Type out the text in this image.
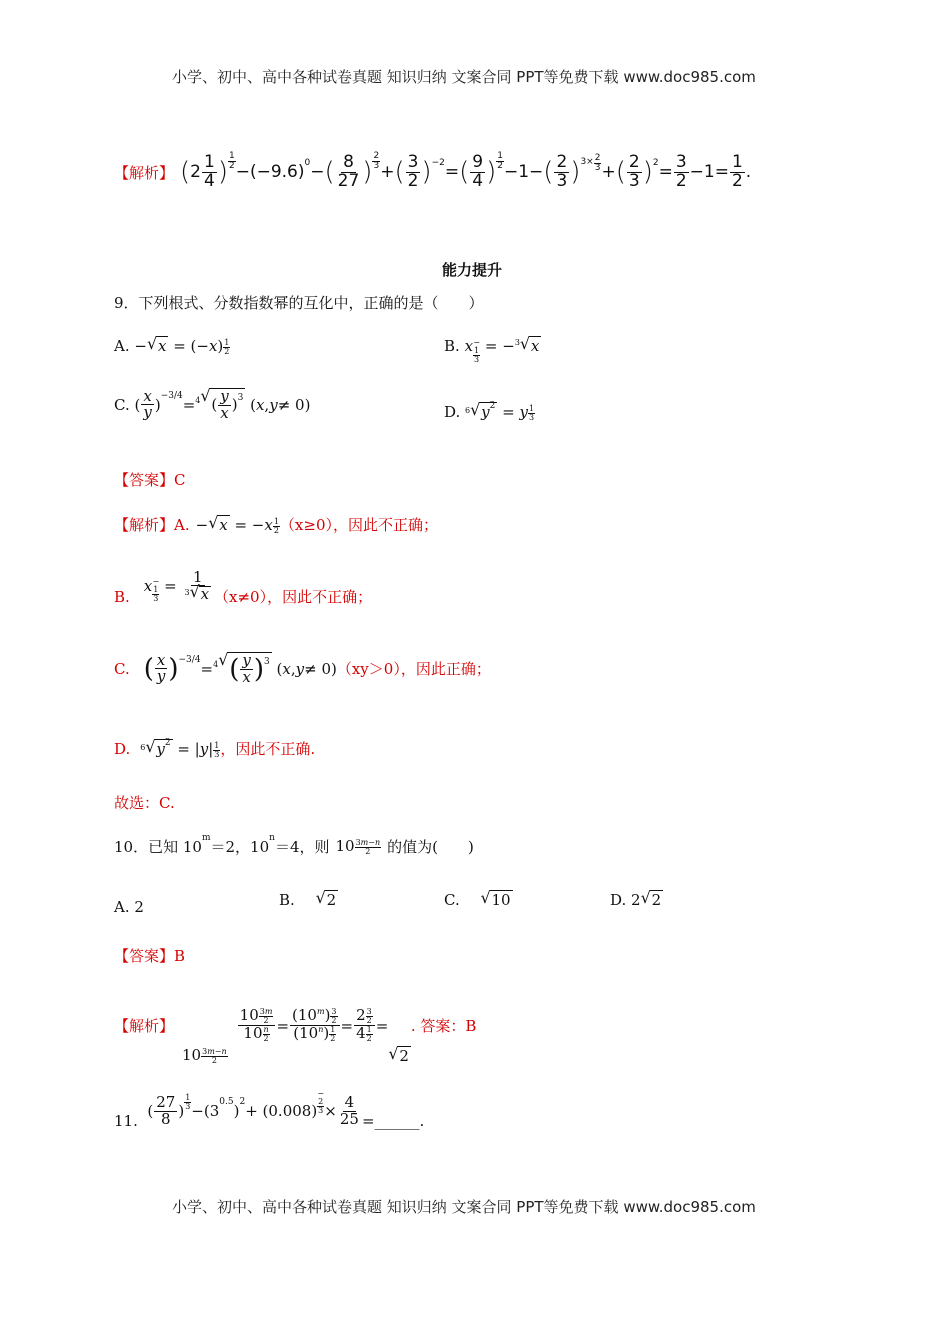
小学、初中、高中各种试卷真题 知识归纳 文案合同 PPT等免费下载 www.doc985.com
【解析】 ( $2 \frac{1}{4}$ )
1
2 −(−9.6) 0 − ( $\frac{8}{27}$ )
2
3 + ( $\frac{3}{2}$ ) −2 = ( $\frac{9}{4}$ )
1
2 −1− ( $\frac{2}{3}$ ) $3\times \frac{2}{3}$ + ( $\frac{2}{3}$ ) $2 = \frac{3}{2} -1= \frac{1}{2}$ .
能力提升
9．下列根式、分数指数幂的互化中，正确的是（　　）
A. − √ $x = (-x) \frac{1}{2}$	B. x−
1
3
= −$^3$ √ x
C. ( $\frac{x}{y}$ ) −3/4 = 4 √ ( $\frac{y}{x} )^3$ ( x , y ≠ 0)	D. $^6$ √ $y^2 = y \frac{1}{3}$
【答案】C
【解析】 A. − √ $x = -x \frac{1}{2} (x\ge 0)$，因此不正确；
B.
x−
1
3
= $\frac{1}{^3 √ x} (x\ne 0)$，因此不正确；
C. ( $\frac{x}{y}$ ) −3/4 = 4 √ ( $\frac{y}{x} )^3$ ( x , y ≠ 0) （xy＞0），因此正确；
D. $^6$ √ $y^2 = |y| \frac{1}{3}$ ，因此不正确.
故选：C.
10．已知 10
m
＝2，10
n
＝4，则 $10 \frac{3m-n}{2}$ 的值为(　　)
A. 2	B. √ 2	C. √ 10	D. 2 √ 2
【答案】B
【解析】
$10 \frac{3m-n}{2}$
$\frac{10 \frac{3m}{2}}{10 \frac{n}{2}} = \frac{(10^m) \frac{3}{2}}{(10^n) \frac{1}{2}} = \frac{2 \frac{3}{2}}{4 \frac{1}{2}}$ =
√ 2
. 答案：B
11.
( $\frac{27}{8}$ )
1
3 −(3 0.5 ) 2 + (0.008)
−
2
$3 \times \frac{4}{25}$ =______.
小学、初中、高中各种试卷真题 知识归纳 文案合同 PPT等免费下载 www.doc985.com
